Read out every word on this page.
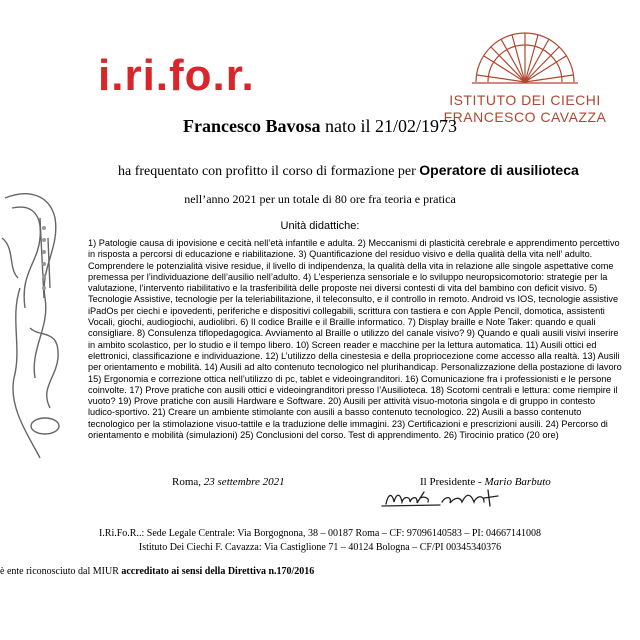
i.ri.fo.r.	ISTITUTO DEI CIECHI
FRANCESCO CAVAZZA
Francesco Bavosa nato il 21/02/1973
ha frequentato con profitto il corso di formazione per Operatore di ausilioteca
nell’anno 2021 per un totale di 80 ore fra teoria e pratica
Unità didattiche:
1) Patologie causa di ipovisione e cecità nell’età infantile e adulta. 2) Meccanismi di plasticità cerebrale e apprendimento percettivo in risposta a percorsi di educazione e riabilitazione. 3) Quantificazione del residuo visivo e della qualità della vita nell’ adulto. Comprendere le potenzialità visive residue, il livello di indipendenza, la qualità della vita in relazione alle singole aspettative come premessa per l’individuazione dell’ausilio nell’adulto. 4) L’esperienza sensoriale e lo sviluppo neuropsicomotorio: strategie per la valutazione, l’intervento riabilitativo e la trasferibilità delle proposte nei diversi contesti di vita del bambino con deficit visivo. 5) Tecnologie Assistive, tecnologie per la teleriabilitazione, il teleconsulto, e il controllo in remoto. Android vs IOS, tecnologie assistive iPadOs per ciechi e ipovedenti, periferiche e dispositivi collegabili, scrittura con tastiera e con Apple Pencil, domotica, assistenti Vocali, giochi, audiogiochi, audiolibri. 6) Il codice Braille e il Braille informatico. 7) Display braille e Note Taker: quando e quali consigliare. 8) Consulenza tiflopedagogica. Avviamento al Braille o utilizzo del canale visivo? 9) Quando e quali ausili visivi inserire in ambito scolastico, per lo studio e il tempo libero. 10) Screen reader e macchine per la lettura automatica. 11) Ausili ottici ed elettronici, classificazione e individuazione. 12) L’utilizzo della cinestesia e della propriocezione come accesso alla realtà. 13) Ausili per orientamento e mobilità. 14) Ausili ad alto contenuto tecnologico nel plurihandicap. Personalizzazione della postazione di lavoro 15) Ergonomia e correzione ottica nell’utilizzo di pc, tablet e videoingranditori. 16) Comunicazione fra i professionisti e le persone coinvolte. 17) Prove pratiche con ausili ottici e videoingranditori presso l’Ausilioteca. 18) Scotomi centrali e lettura: come riempire il vuoto? 19) Prove pratiche con ausili Hardware e Software. 20) Ausili per attività visuo-motoria singola e di gruppo in contesto ludico-sportivo. 21) Creare un ambiente stimolante con ausili a basso contenuto tecnologico. 22) Ausili a basso contenuto tecnologico per la stimolazione visuo-tattile e la traduzione delle immagini. 23) Certificazioni e prescrizioni ausili. 24) Percorso di orientamento e mobilità (simulazioni) 25) Conclusioni del corso. Test di apprendimento. 26) Tirocinio pratico (20 ore)
Roma, 23 settembre 2021	Il Presidente - Mario Barbuto
I.Ri.Fo.R..: Sede Legale Centrale: Via Borgognona, 38 – 00187 Roma – CF: 97096140583 – PI: 04667141008
Istituto Dei Ciechi F. Cavazza: Via Castiglione 71 – 40124 Bologna – CF/PI 00345340376
è ente riconosciuto dal MIUR accreditato ai sensi della Direttiva n.170/2016
